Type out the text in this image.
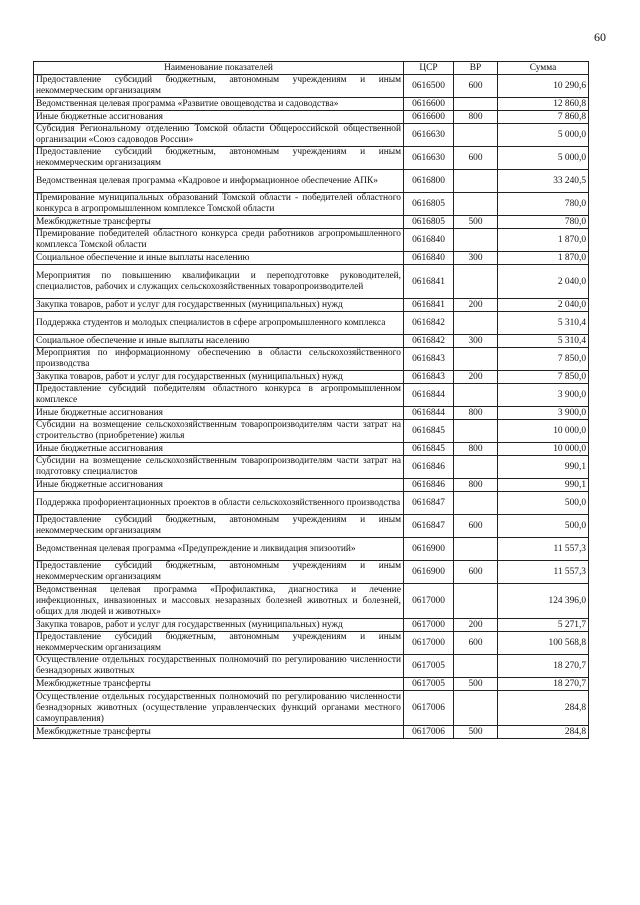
60
Наименование показателей	ЦСР	ВР	Сумма
Предоставление субсидий бюджетным, автономным учреждениям и иным некоммерческим организациям	0616500	600	10 290,6
Ведомственная целевая программа «Развитие овощеводства и садоводства»	0616600		12 860,8
Иные бюджетные ассигнования	0616600	800	7 860,8
Субсидия Региональному отделению Томской области Общероссийской общественной организации «Союз садоводов России»	0616630		5 000,0
Предоставление субсидий бюджетным, автономным учреждениям и иным некоммерческим организациям	0616630	600	5 000,0
Ведомственная целевая программа «Кадровое и информационное обеспечение АПК»	0616800		33 240,5
Премирование муниципальных образований Томской области - победителей областного конкурса в агропромышленном комплексе Томской области	0616805		780,0
Межбюджетные трансферты	0616805	500	780,0
Премирование победителей областного конкурса среди работников агропромышленного комплекса Томской области	0616840		1 870,0
Социальное обеспечение и иные выплаты населению	0616840	300	1 870,0
Мероприятия по повышению квалификации и переподготовке руководителей, специалистов, рабочих и служащих сельскохозяйственных товаропроизводителей	0616841		2 040,0
Закупка товаров, работ и услуг для государственных (муниципальных) нужд	0616841	200	2 040,0
Поддержка студентов и молодых специалистов в сфере агропромышленного комплекса	0616842		5 310,4
Социальное обеспечение и иные выплаты населению	0616842	300	5 310,4
Мероприятия по информационному обеспечению в области сельскохозяйственного производства	0616843		7 850,0
Закупка товаров, работ и услуг для государственных (муниципальных) нужд	0616843	200	7 850,0
Предоставление субсидий победителям областного конкурса в агропромышленном комплексе	0616844		3 900,0
Иные бюджетные ассигнования	0616844	800	3 900,0
Субсидии на возмещение сельскохозяйственным товаропроизводителям части затрат на строительство (приобретение) жилья	0616845		10 000,0
Иные бюджетные ассигнования	0616845	800	10 000,0
Субсидии на возмещение сельскохозяйственным товаропроизводителям части затрат на подготовку специалистов	0616846		990,1
Иные бюджетные ассигнования	0616846	800	990,1
Поддержка профориентационных проектов в области сельскохозяйственного производства	0616847		500,0
Предоставление субсидий бюджетным, автономным учреждениям и иным некоммерческим организациям	0616847	600	500,0
Ведомственная целевая программа «Предупреждение и ликвидация эпизоотий»	0616900		11 557,3
Предоставление субсидий бюджетным, автономным учреждениям и иным некоммерческим организациям	0616900	600	11 557,3
Ведомственная целевая программа «Профилактика, диагностика и лечение инфекционных, инвазионных и массовых незаразных болезней животных и болезней, общих для людей и животных»	0617000		124 396,0
Закупка товаров, работ и услуг для государственных (муниципальных) нужд	0617000	200	5 271,7
Предоставление субсидий бюджетным, автономным учреждениям и иным некоммерческим организациям	0617000	600	100 568,8
Осуществление отдельных государственных полномочий по регулированию численности безнадзорных животных	0617005		18 270,7
Межбюджетные трансферты	0617005	500	18 270,7
Осуществление отдельных государственных полномочий по регулированию численности безнадзорных животных (осуществление управленческих функций органами местного самоуправления)	0617006		284,8
Межбюджетные трансферты	0617006	500	284,8
